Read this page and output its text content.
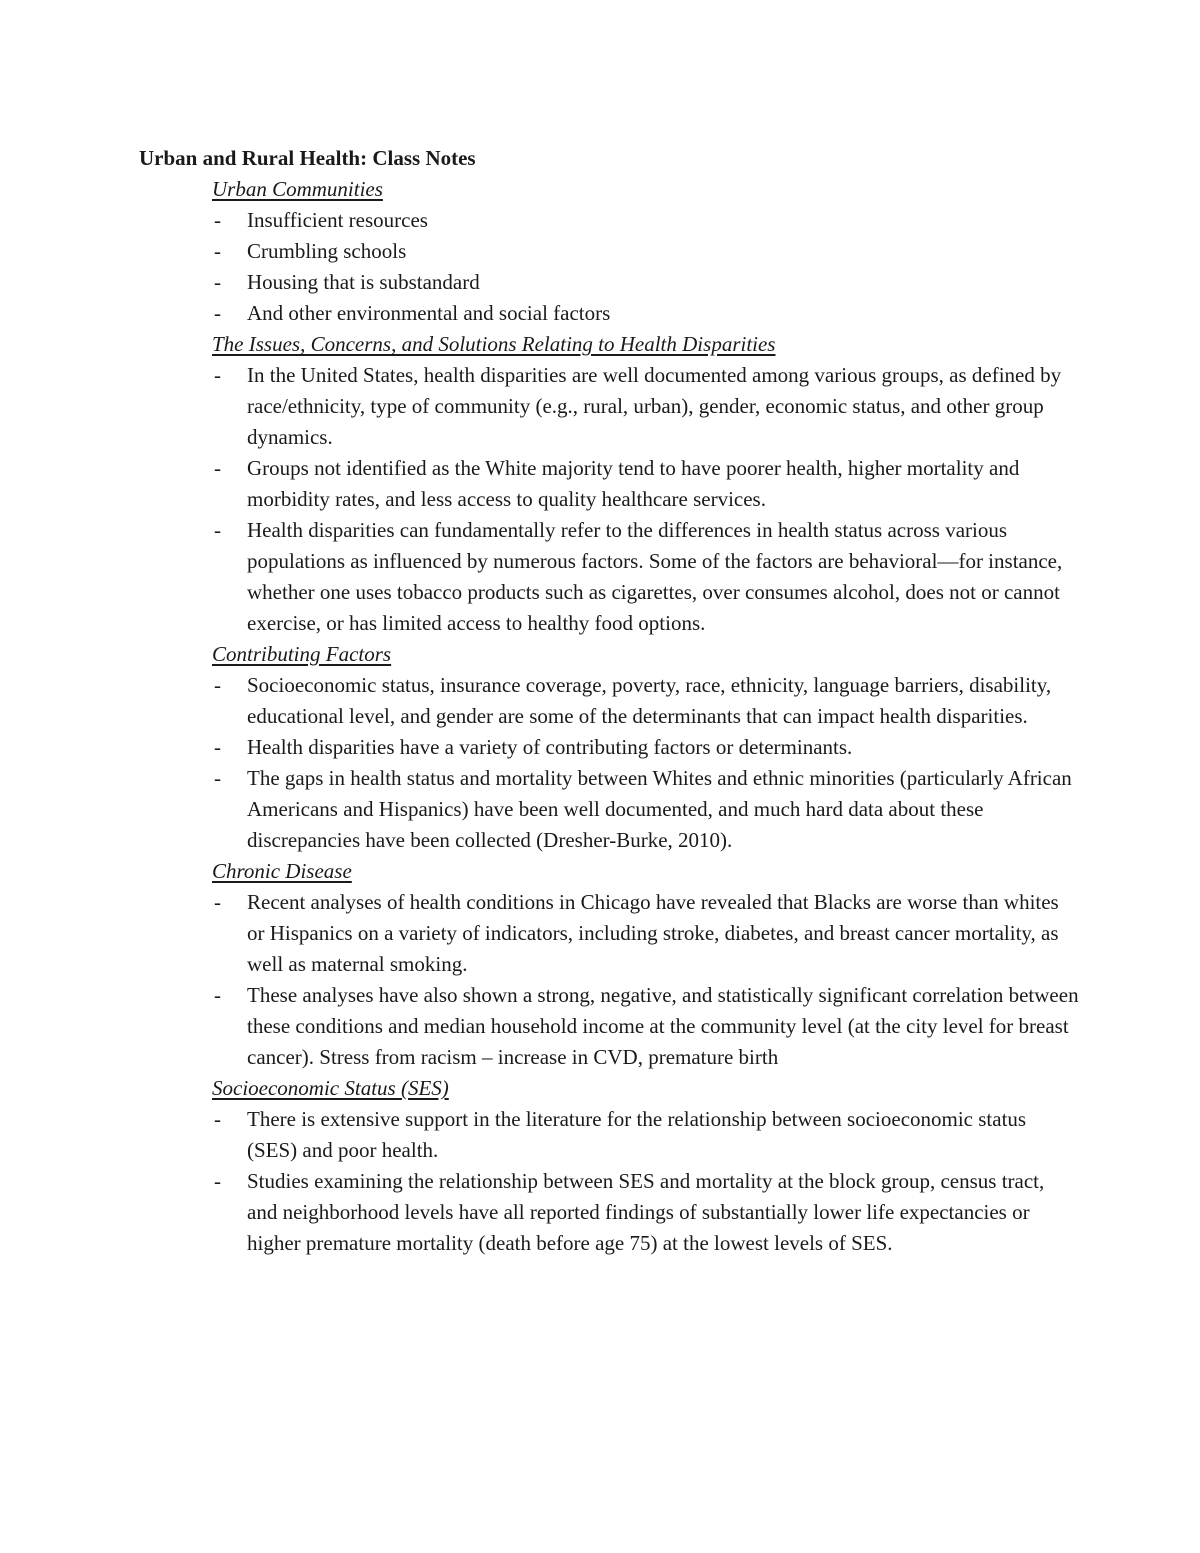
Urban and Rural Health: Class Notes

Urban Communities

- Insufficient resources
- Crumbling schools
- Housing that is substandard
- And other environmental and social factors

The Issues, Concerns, and Solutions Relating to Health Disparities

- In the United States, health disparities are well documented among various groups, as defined by race/ethnicity, type of community (e.g., rural, urban), gender, economic status, and other group dynamics.
- Groups not identified as the White majority tend to have poorer health, higher mortality and morbidity rates, and less access to quality healthcare services.
- Health disparities can fundamentally refer to the differences in health status across various populations as influenced by numerous factors. Some of the factors are behavioral—for instance, whether one uses tobacco products such as cigarettes, over consumes alcohol, does not or cannot exercise, or has limited access to healthy food options.

Contributing Factors

- Socioeconomic status, insurance coverage, poverty, race, ethnicity, language barriers, disability, educational level, and gender are some of the determinants that can impact health disparities.
- Health disparities have a variety of contributing factors or determinants.
- The gaps in health status and mortality between Whites and ethnic minorities (particularly African Americans and Hispanics) have been well documented, and much hard data about these discrepancies have been collected (Dresher-Burke, 2010).

Chronic Disease

- Recent analyses of health conditions in Chicago have revealed that Blacks are worse than whites or Hispanics on a variety of indicators, including stroke, diabetes, and breast cancer mortality, as well as maternal smoking.
- These analyses have also shown a strong, negative, and statistically significant correlation between these conditions and median household income at the community level (at the city level for breast cancer). Stress from racism – increase in CVD, premature birth

Socioeconomic Status (SES)

- There is extensive support in the literature for the relationship between socioeconomic status (SES) and poor health.
- Studies examining the relationship between SES and mortality at the block group, census tract, and neighborhood levels have all reported findings of substantially lower life expectancies or higher premature mortality (death before age 75) at the lowest levels of SES.
